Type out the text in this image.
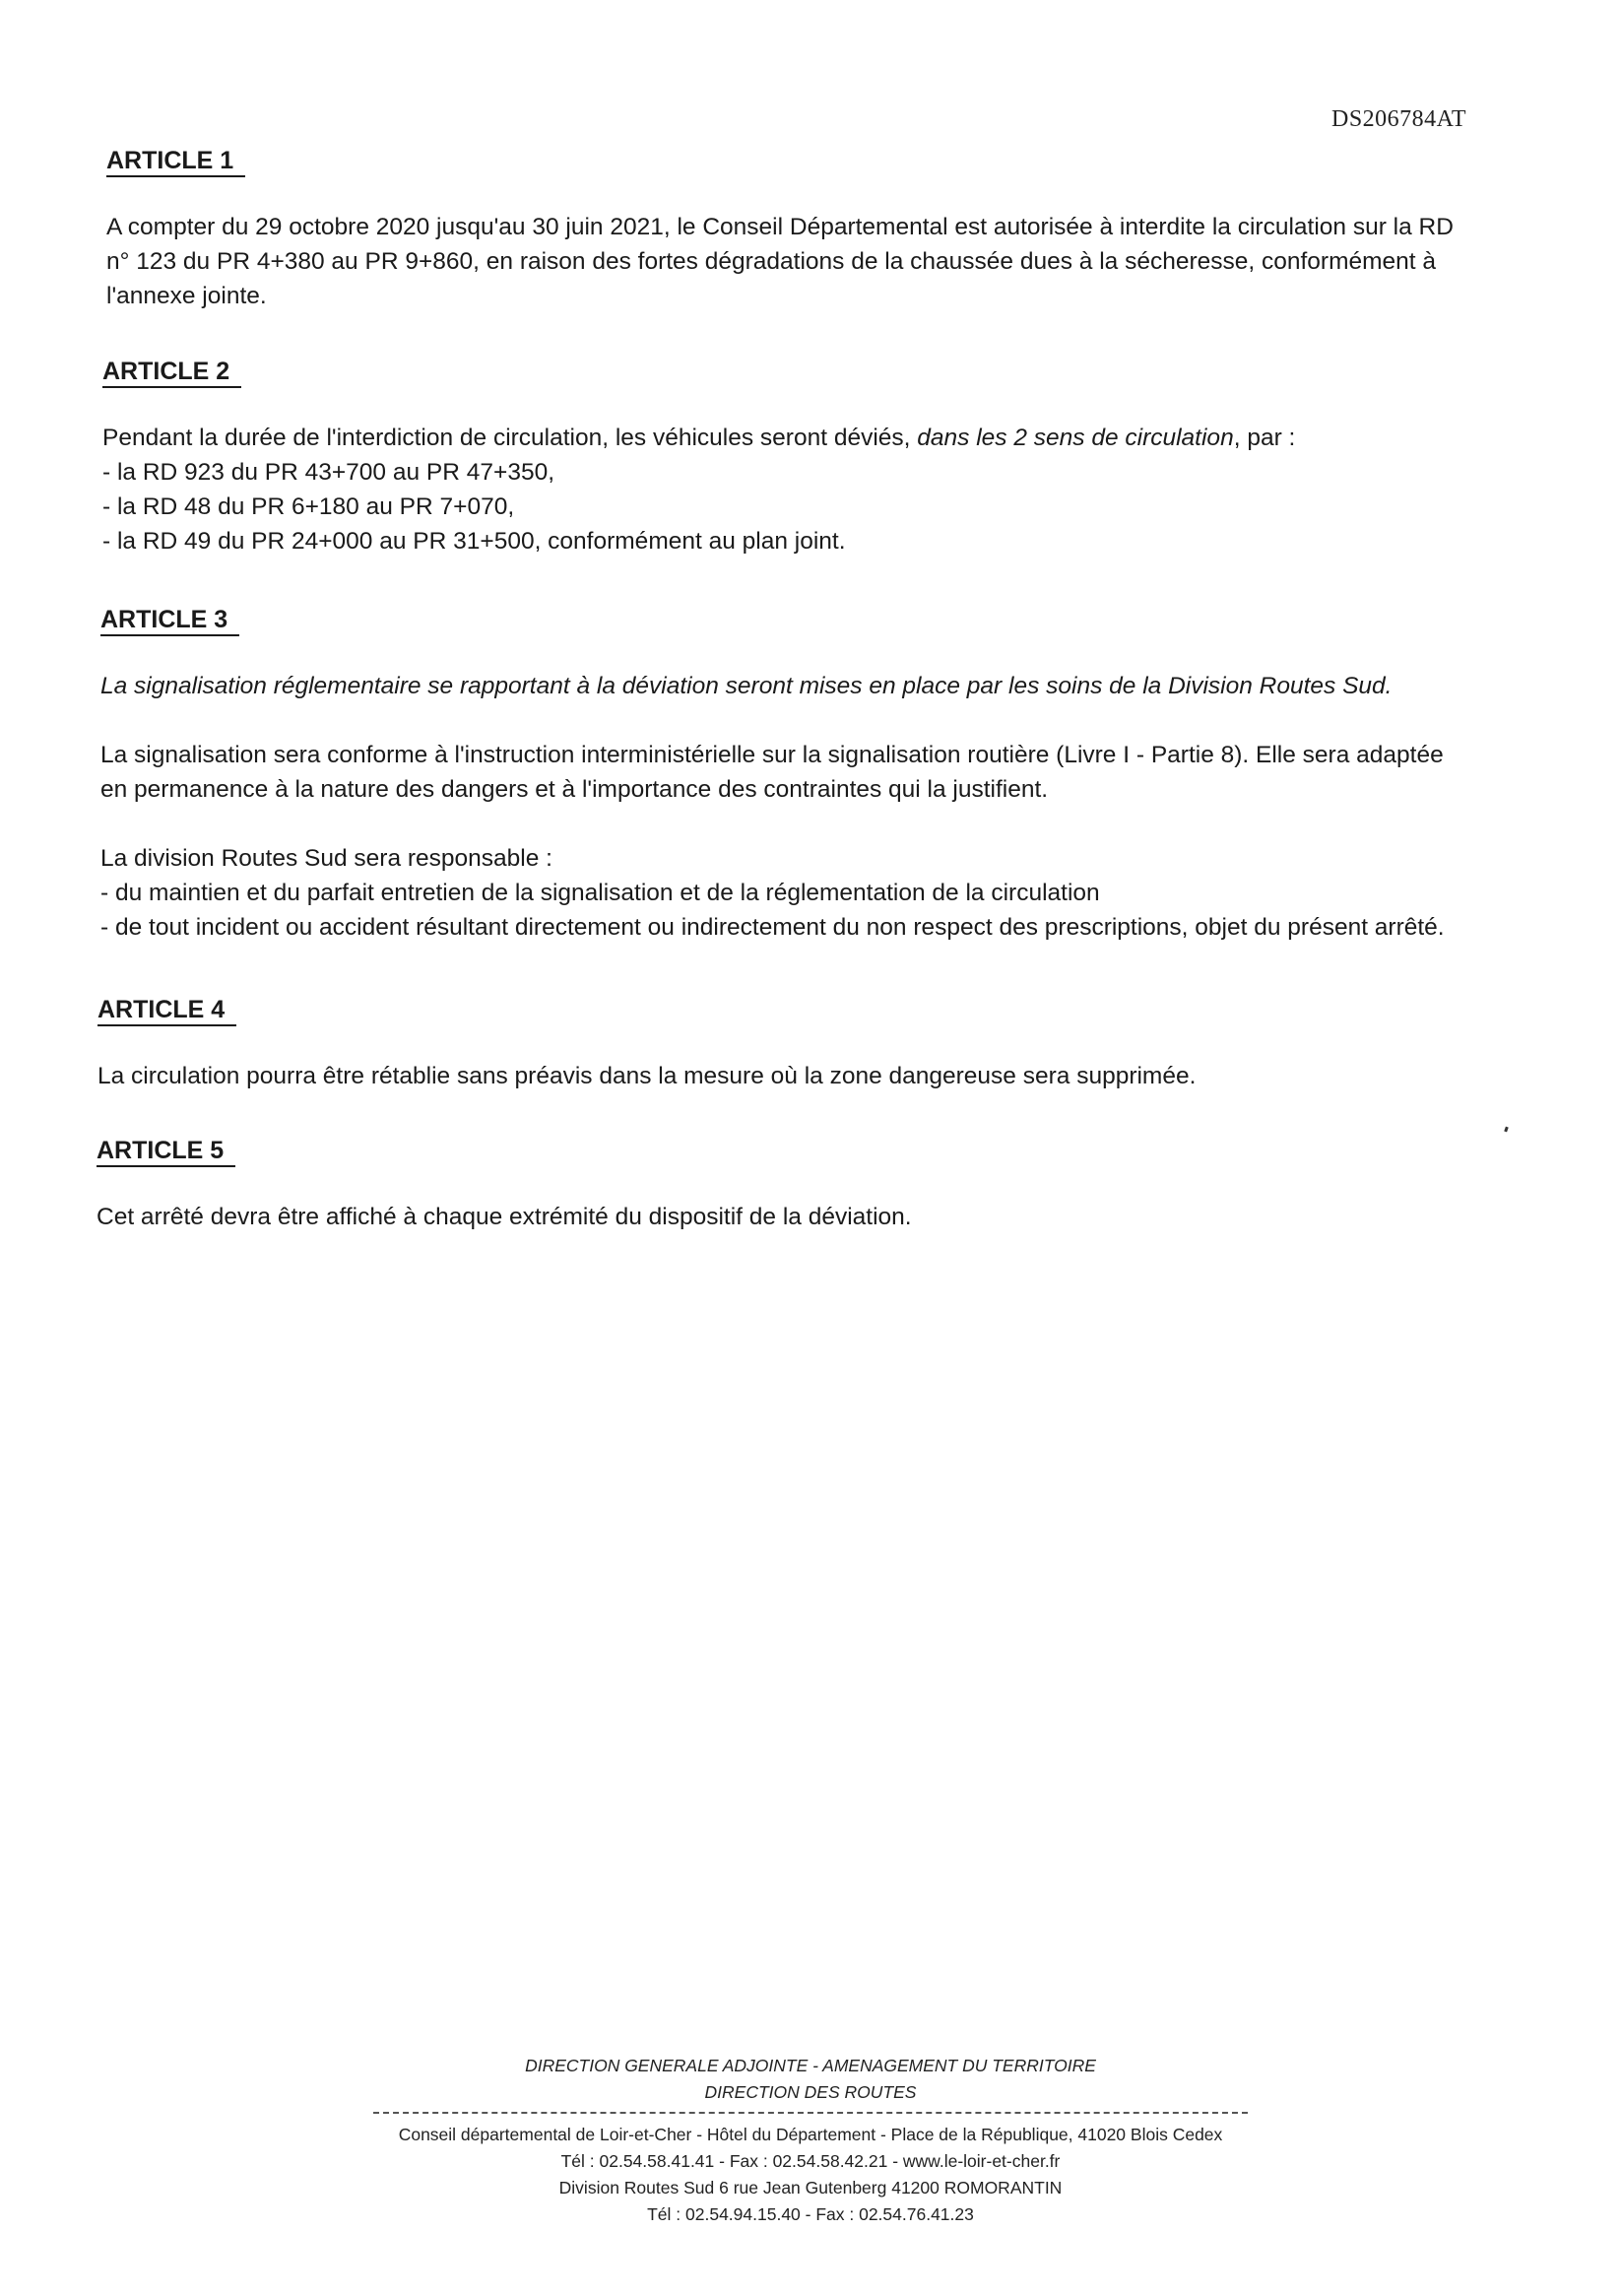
DS206784AT
ARTICLE 1

A compter du 29 octobre 2020 jusqu'au 30 juin 2021, le Conseil Départemental est autorisée à interdite la circulation sur la RD n° 123 du PR 4+380 au PR 9+860, en raison des fortes dégradations de la chaussée dues à la sécheresse, conformément à l'annexe jointe.

ARTICLE 2

Pendant la durée de l'interdiction de circulation, les véhicules seront déviés, dans les 2 sens de circulation, par :

- la RD 923 du PR 43+700 au PR 47+350,
- la RD 48 du PR 6+180 au PR 7+070,
- la RD 49 du PR 24+000 au PR 31+500, conformément au plan joint.
ARTICLE 3

La signalisation réglementaire se rapportant à la déviation seront mises en place par les soins de la Division Routes Sud.

La signalisation sera conforme à l'instruction interministérielle sur la signalisation routière (Livre I - Partie 8). Elle sera adaptée en permanence à la nature des dangers et à l'importance des contraintes qui la justifient.

La division Routes Sud sera responsable :

- du maintien et du parfait entretien de la signalisation et de la réglementation de la circulation
- de tout incident ou accident résultant directement ou indirectement du non respect des prescriptions, objet du présent arrêté.
ARTICLE 4

La circulation pourra être rétablie sans préavis dans la mesure où la zone dangereuse sera supprimée.

ARTICLE 5

Cet arrêté devra être affiché à chaque extrémité du dispositif de la déviation.

DIRECTION GENERALE ADJOINTE - AMENAGEMENT DU TERRITOIRE
DIRECTION DES ROUTES
Conseil départemental de Loir-et-Cher - Hôtel du Département - Place de la République, 41020 Blois Cedex
Tél : 02.54.58.41.41 - Fax : 02.54.58.42.21 - www.le-loir-et-cher.fr
Division Routes Sud 6 rue Jean Gutenberg 41200 ROMORANTIN
Tél : 02.54.94.15.40 - Fax : 02.54.76.41.23
